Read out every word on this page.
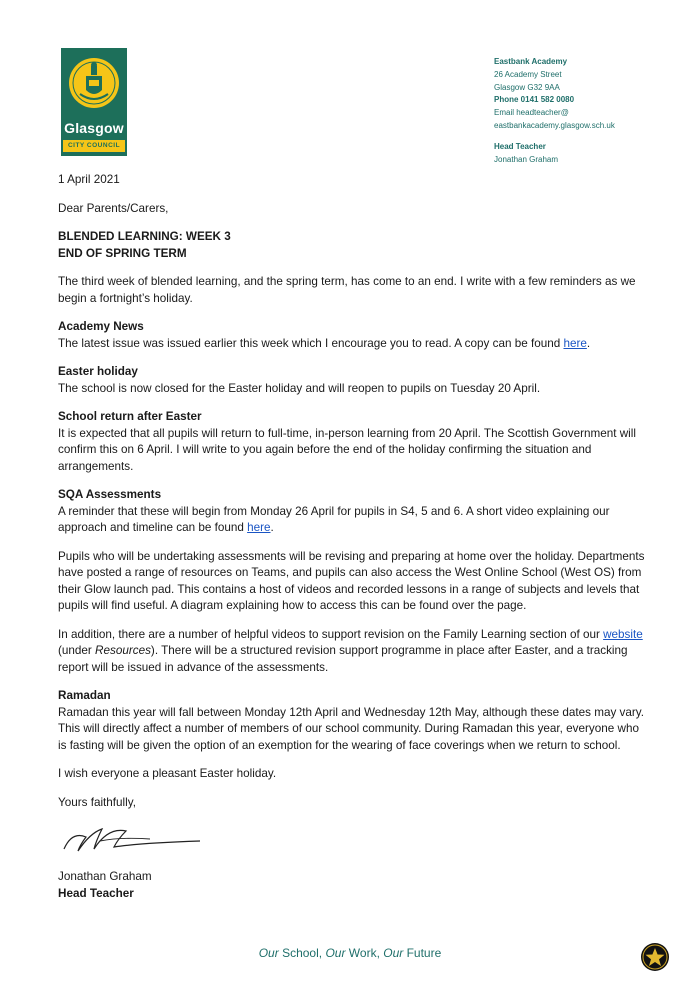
Glasgow
CITY COUNCIL
Eastbank Academy
26 Academy Street
Glasgow G32 9AA
Phone 0141 582 0080
Email headteacher@
eastbankacademy.glasgow.sch.uk
Head Teacher
Jonathan Graham

1 April 2021

Dear Parents/Carers,

BLENDED LEARNING: WEEK 3

END OF SPRING TERM

The third week of blended learning, and the spring term, has come to an end. I write with a few reminders as we begin a fortnight’s holiday.

Academy News

The latest issue was issued earlier this week which I encourage you to read. A copy can be found here.

Easter holiday

The school is now closed for the Easter holiday and will reopen to pupils on Tuesday 20 April.

School return after Easter

It is expected that all pupils will return to full-time, in-person learning from 20 April. The Scottish Government will confirm this on 6 April. I will write to you again before the end of the holiday confirming the situation and arrangements.

SQA Assessments

A reminder that these will begin from Monday 26 April for pupils in S4, 5 and 6. A short video explaining our approach and timeline can be found here.

Pupils who will be undertaking assessments will be revising and preparing at home over the holiday. Departments have posted a range of resources on Teams, and pupils can also access the West Online School (West OS) from their Glow launch pad. This contains a host of videos and recorded lessons in a range of subjects and levels that pupils will find useful. A diagram explaining how to access this can be found over the page.

In addition, there are a number of helpful videos to support revision on the Family Learning section of our website (under Resources). There will be a structured revision support programme in place after Easter, and a tracking report will be issued in advance of the assessments.

Ramadan

Ramadan this year will fall between Monday 12th April and Wednesday 12th May, although these dates may vary. This will directly affect a number of members of our school community. During Ramadan this year, everyone who is fasting will be given the option of an exemption for the wearing of face coverings when we return to school.

I wish everyone a pleasant Easter holiday.

Yours faithfully,

Jonathan Graham

Head Teacher

Our School, Our Work, Our Future
